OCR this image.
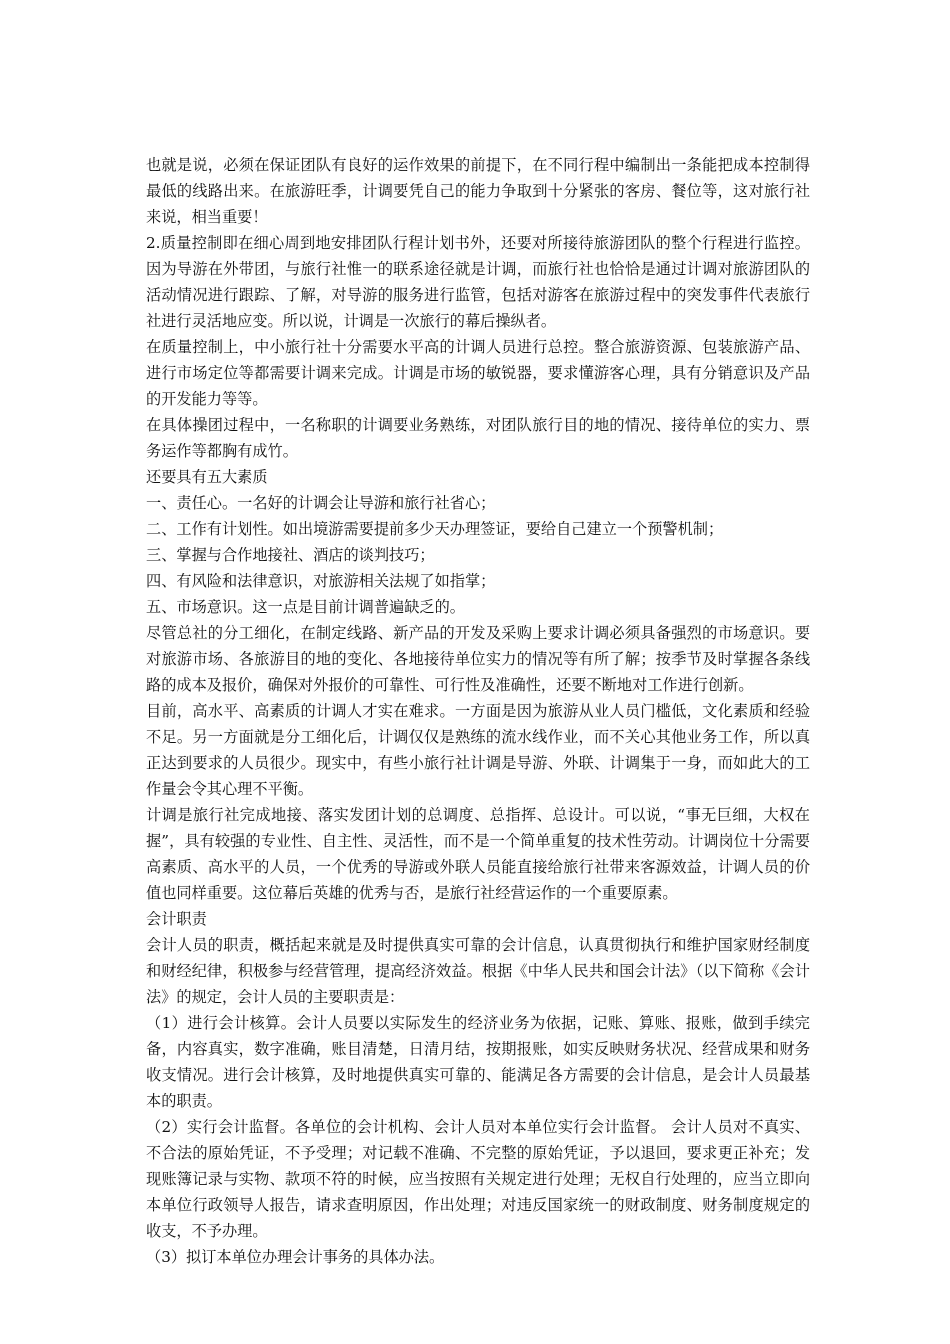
也就是说，必须在保证团队有良好的运作效果的前提下，在不同行程中编制出一条能把成本控制得最低的线路出来。在旅游旺季，计调要凭自己的能力争取到十分紧张的客房、餐位等，这对旅行社来说，相当重要！

2.质量控制即在细心周到地安排团队行程计划书外，还要对所接待旅游团队的整个行程进行监控。因为导游在外带团，与旅行社惟一的联系途径就是计调，而旅行社也恰恰是通过计调对旅游团队的活动情况进行跟踪、了解，对导游的服务进行监管，包括对游客在旅游过程中的突发事件代表旅行社进行灵活地应变。所以说，计调是一次旅行的幕后操纵者。

在质量控制上，中小旅行社十分需要水平高的计调人员进行总控。整合旅游资源、包装旅游产品、进行市场定位等都需要计调来完成。计调是市场的敏锐器，要求懂游客心理，具有分销意识及产品的开发能力等等。

在具体操团过程中，一名称职的计调要业务熟练，对团队旅行目的地的情况、接待单位的实力、票务运作等都胸有成竹。

还要具有五大素质

一、责任心。一名好的计调会让导游和旅行社省心；

二、工作有计划性。如出境游需要提前多少天办理签证，要给自己建立一个预警机制；

三、掌握与合作地接社、酒店的谈判技巧；

四、有风险和法律意识，对旅游相关法规了如指掌；

五、市场意识。这一点是目前计调普遍缺乏的。

尽管总社的分工细化，在制定线路、新产品的开发及采购上要求计调必须具备强烈的市场意识。要对旅游市场、各旅游目的地的变化、各地接待单位实力的情况等有所了解；按季节及时掌握各条线路的成本及报价，确保对外报价的可靠性、可行性及准确性，还要不断地对工作进行创新。

目前，高水平、高素质的计调人才实在难求。一方面是因为旅游从业人员门槛低，文化素质和经验不足。另一方面就是分工细化后，计调仅仅是熟练的流水线作业，而不关心其他业务工作，所以真正达到要求的人员很少。现实中，有些小旅行社计调是导游、外联、计调集于一身，而如此大的工作量会令其心理不平衡。

计调是旅行社完成地接、落实发团计划的总调度、总指挥、总设计。可以说，“事无巨细，大权在握”，具有较强的专业性、自主性、灵活性，而不是一个简单重复的技术性劳动。计调岗位十分需要高素质、高水平的人员，一个优秀的导游或外联人员能直接给旅行社带来客源效益，计调人员的价值也同样重要。这位幕后英雄的优秀与否，是旅行社经营运作的一个重要原素。

会计职责

会计人员的职责，概括起来就是及时提供真实可靠的会计信息，认真贯彻执行和维护国家财经制度和财经纪律，积极参与经营管理，提高经济效益。根据《中华人民共和国会计法》（以下简称《会计法》的规定，会计人员的主要职责是：

（1）进行会计核算。会计人员要以实际发生的经济业务为依据，记账、算账、报账，做到手续完备，内容真实，数字准确，账目清楚，日清月结，按期报账，如实反映财务状况、经营成果和财务收支情况。进行会计核算，及时地提供真实可靠的、能满足各方需要的会计信息，是会计人员最基本的职责。

（2）实行会计监督。各单位的会计机构、会计人员对本单位实行会计监督。 会计人员对不真实、不合法的原始凭证，不予受理；对记载不准确、不完整的原始凭证，予以退回，要求更正补充；发现账簿记录与实物、款项不符的时候，应当按照有关规定进行处理；无权自行处理的，应当立即向本单位行政领导人报告，请求查明原因，作出处理；对违反国家统一的财政制度、财务制度规定的收支，不予办理。

（3）拟订本单位办理会计事务的具体办法。
